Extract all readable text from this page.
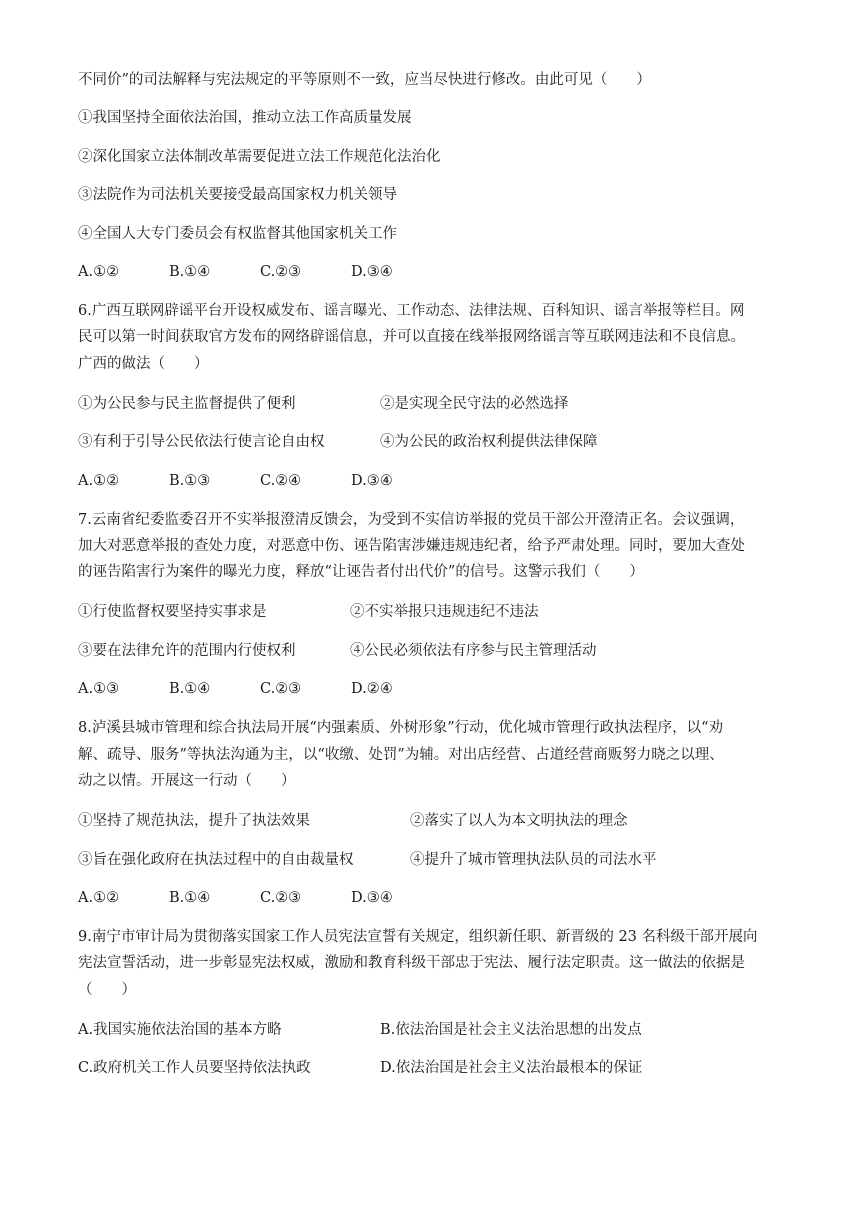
不同价”的司法解释与宪法规定的平等原则不一致，应当尽快进行修改。由此可见（　　）
①我国坚持全面依法治国，推动立法工作高质量发展
②深化国家立法体制改革需要促进立法工作规范化法治化
③法院作为司法机关要接受最高国家权力机关领导
④全国人大专门委员会有权监督其他国家机关工作
A.①②	B.①④	C.②③	D.③④
6.广西互联网辟谣平台开设权威发布、谣言曝光、工作动态、法律法规、百科知识、谣言举报等栏目。网
民可以第一时间获取官方发布的网络辟谣信息，并可以直接在线举报网络谣言等互联网违法和不良信息。
广西的做法（　　）
①为公民参与民主监督提供了便利	②是实现全民守法的必然选择
③有利于引导公民依法行使言论自由权	④为公民的政治权利提供法律保障
A.①②	B.①③	C.②④	D.③④
7.云南省纪委监委召开不实举报澄清反馈会，为受到不实信访举报的党员干部公开澄清正名。会议强调，
加大对恶意举报的查处力度，对恶意中伤、诬告陷害涉嫌违规违纪者，给予严肃处理。同时，要加大查处
的诬告陷害行为案件的曝光力度，释放“让诬告者付出代价”的信号。这警示我们（　　）
①行使监督权要坚持实事求是	②不实举报只违规违纪不违法
③要在法律允许的范围内行使权利	④公民必须依法有序参与民主管理活动
A.①③	B.①④	C.②③	D.②④
8.泸溪县城市管理和综合执法局开展“内强素质、外树形象”行动，优化城市管理行政执法程序，以“劝
解、疏导、服务”等执法沟通为主，以“收缴、处罚”为辅。对出店经营、占道经营商贩努力晓之以理、
动之以情。开展这一行动（　　）
①坚持了规范执法，提升了执法效果	②落实了以人为本文明执法的理念
③旨在强化政府在执法过程中的自由裁量权	④提升了城市管理执法队员的司法水平
A.①②	B.①④	C.②③	D.③④
9.南宁市审计局为贯彻落实国家工作人员宪法宣誓有关规定，组织新任职、新晋级的 23 名科级干部开展向
宪法宣誓活动，进一步彰显宪法权威，激励和教育科级干部忠于宪法、履行法定职责。这一做法的依据是
（　　）
A.我国实施依法治国的基本方略	B.依法治国是社会主义法治思想的出发点
C.政府机关工作人员要坚持依法执政	D.依法治国是社会主义法治最根本的保证
